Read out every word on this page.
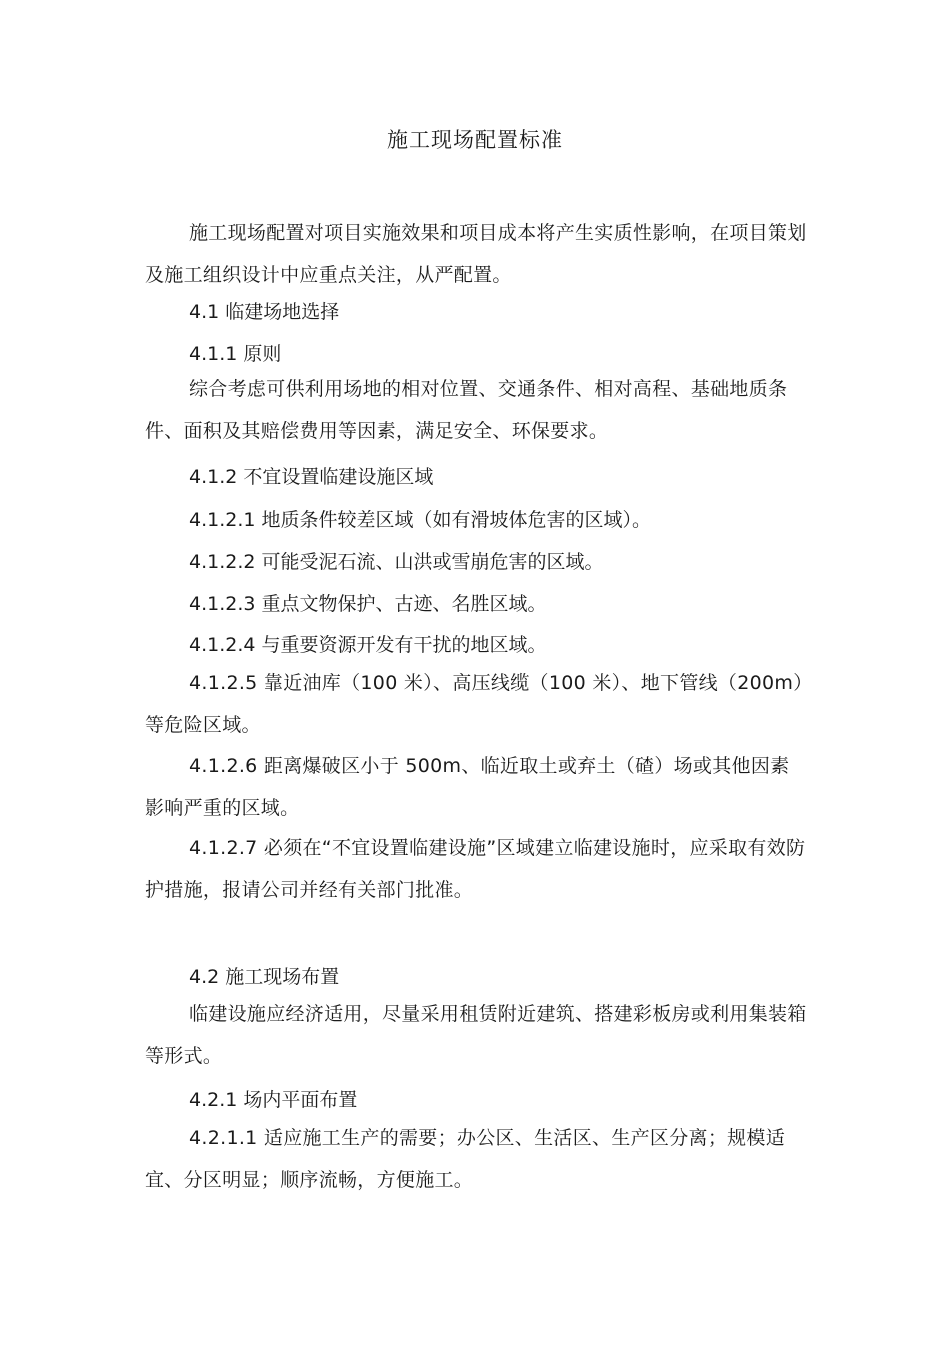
施工现场配置标准

施工现场配置对项目实施效果和项目成本将产生实质性影响，在项目策划及施工组织设计中应重点关注，从严配置。

4.1 临建场地选择

4.1.1 原则

综合考虑可供利用场地的相对位置、交通条件、相对高程、基础地质条件、面积及其赔偿费用等因素，满足安全、环保要求。

4.1.2 不宜设置临建设施区域

4.1.2.1 地质条件较差区域（如有滑坡体危害的区域）。

4.1.2.2 可能受泥石流、山洪或雪崩危害的区域。

4.1.2.3 重点文物保护、古迹、名胜区域。

4.1.2.4 与重要资源开发有干扰的地区域。

4.1.2.5 靠近油库（100 米）、高压线缆（100 米）、地下管线（200m）等危险区域。

4.1.2.6 距离爆破区小于 500m、临近取土或弃土（碴）场或其他因素影响严重的区域。

4.1.2.7 必须在“不宜设置临建设施”区域建立临建设施时，应采取有效防护措施，报请公司并经有关部门批准。

4.2 施工现场布置

临建设施应经济适用，尽量采用租赁附近建筑、搭建彩板房或利用集装箱等形式。

4.2.1 场内平面布置

4.2.1.1 适应施工生产的需要；办公区、生活区、生产区分离；规模适宜、分区明显；顺序流畅，方便施工。
